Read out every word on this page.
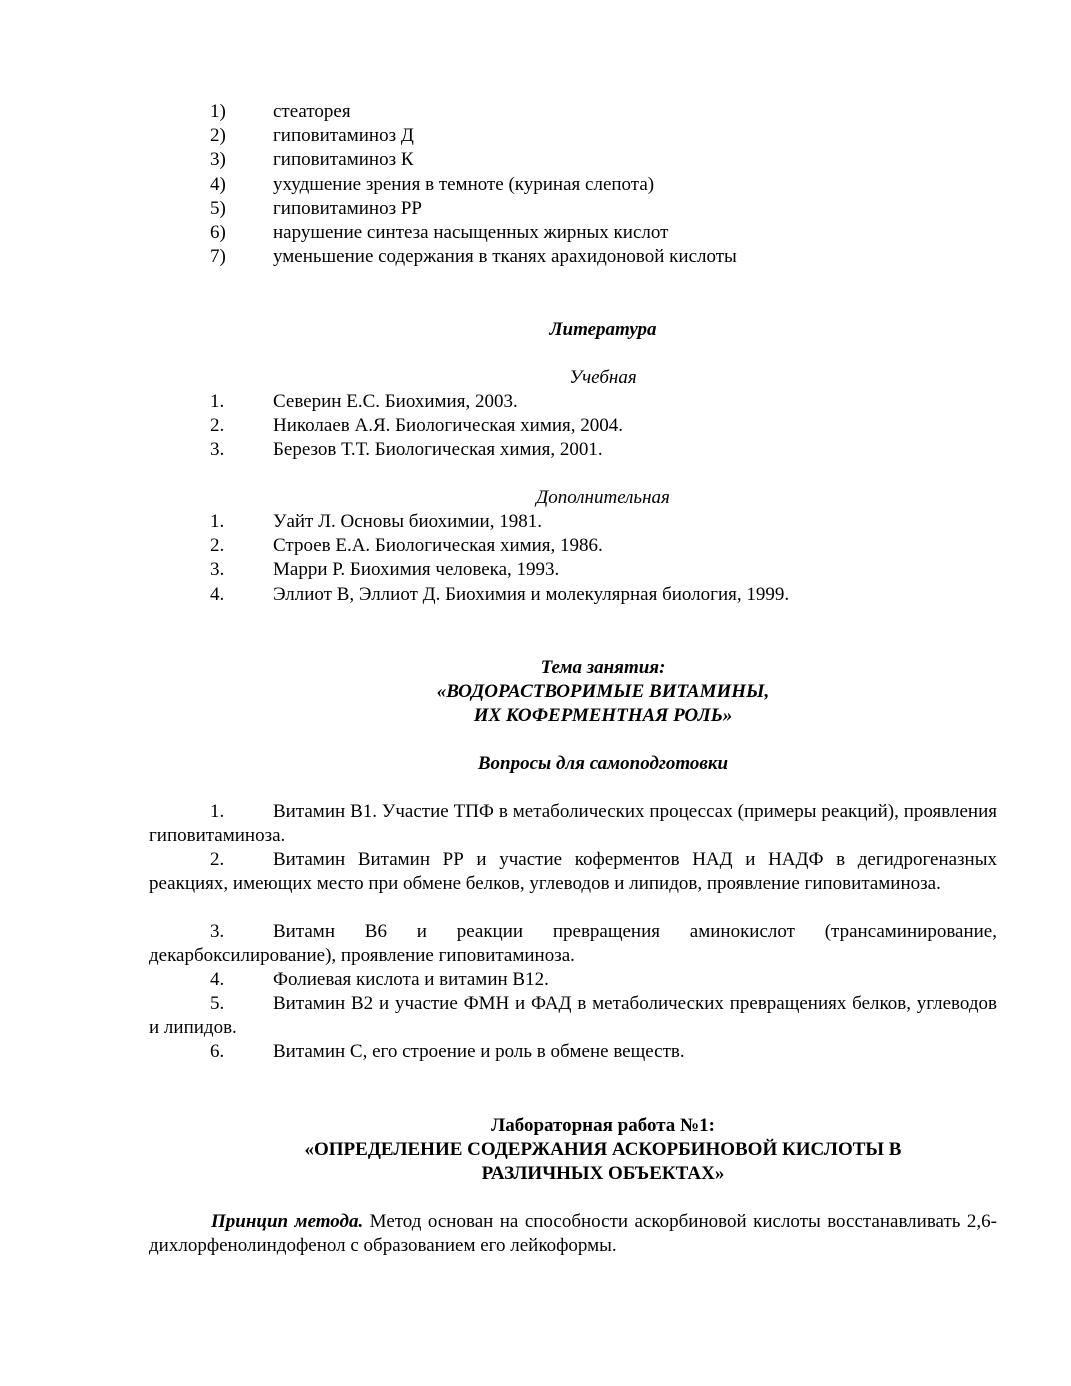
1) стеаторея
2) гиповитаминоз Д
3) гиповитаминоз К
4) ухудшение зрения в темноте (куриная слепота)
5) гиповитаминоз РР
6) нарушение синтеза насыщенных жирных кислот
7) уменьшение содержания в тканях арахидоновой кислоты
Литература
Учебная
1.	Северин Е.С. Биохимия, 2003.
2.	Николаев А.Я. Биологическая химия, 2004.
3.	Березов Т.Т. Биологическая химия, 2001.
Дополнительная
1.	Уайт Л. Основы биохимии, 1981.
2.	Строев Е.А. Биологическая химия, 1986.
3.	Марри Р. Биохимия человека, 1993.
4.	Эллиот В, Эллиот Д. Биохимия и молекулярная биология, 1999.
Тема занятия:
«ВОДОРАСТВОРИМЫЕ ВИТАМИНЫ,
ИХ КОФЕРМЕНТНАЯ РОЛЬ»
Вопросы для самоподготовки
1.	Витамин В1. Участие ТПФ в метаболических процессах (примеры реакций), проявления гиповитаминоза.
2.	Витамин Витамин РР и участие коферментов НАД и НАДФ в дегидрогеназных реакциях, имеющих место при обмене белков, углеводов и липидов, проявление гиповитаминоза.
3.	Витамн В6 и реакции превращения аминокислот (трансаминирование, декарбоксилирование), проявление гиповитаминоза.
4.	Фолиевая кислота и витамин В12.
5.	Витамин В2 и участие ФМН и ФАД в метаболических превращениях белков, углеводов и липидов.
6.	Витамин С, его строение и роль в обмене веществ.
Лабораторная работа №1:
«ОПРЕДЕЛЕНИЕ СОДЕРЖАНИЯ АСКОРБИНОВОЙ КИСЛОТЫ В
РАЗЛИЧНЫХ ОБЪЕКТАХ»
Принцип метода. Метод основан на способности аскорбиновой кислоты восстанавливать 2,6-дихлорфенолиндофенол с образованием его лейкоформы.
